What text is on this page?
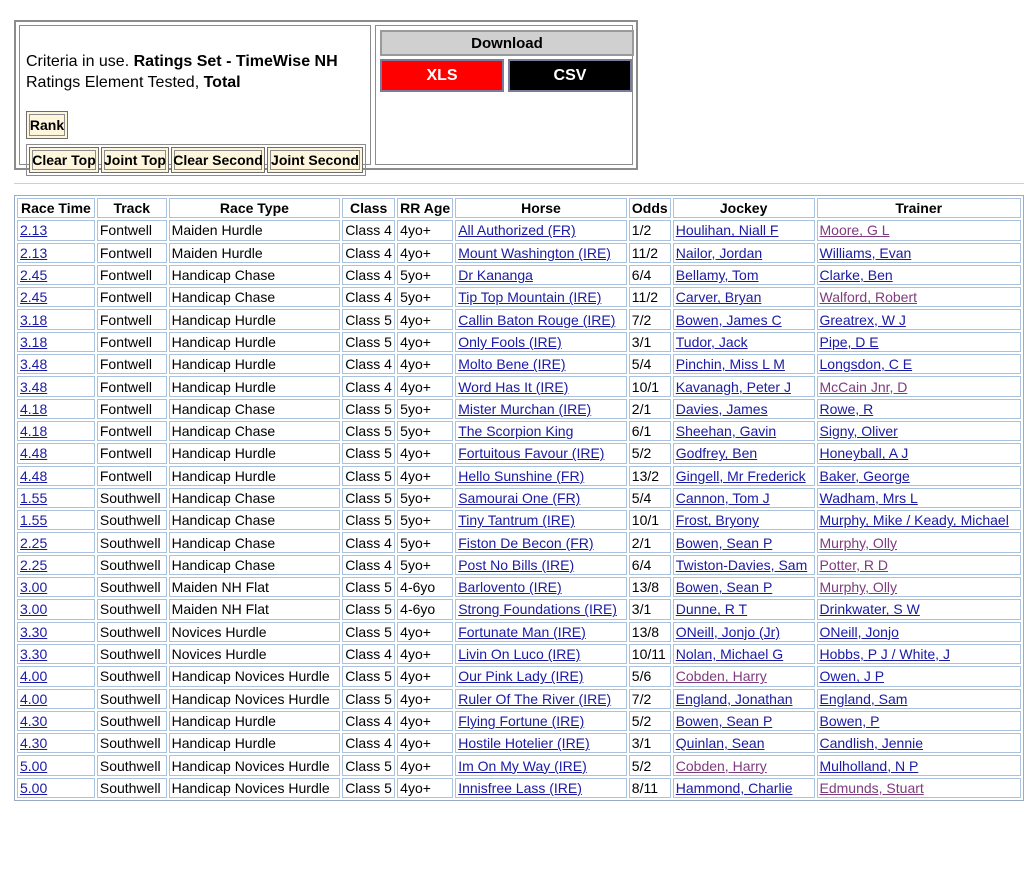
Criteria in use. Ratings Set - TimeWise NH
Ratings Element Tested, Total
Rank
Clear Top Joint Top Clear Second Joint Second
Download
XLS	CSV
Race Time	Track	Race Type	Class	RR Age	Horse	Odds	Jockey	Trainer
2.13	Fontwell	Maiden Hurdle	Class 4	4yo+	All Authorized (FR)	1/2	Houlihan, Niall F	Moore, G L
2.13	Fontwell	Maiden Hurdle	Class 4	4yo+	Mount Washington (IRE)	11/2	Nailor, Jordan	Williams, Evan
2.45	Fontwell	Handicap Chase	Class 4	5yo+	Dr Kananga	6/4	Bellamy, Tom	Clarke, Ben
2.45	Fontwell	Handicap Chase	Class 4	5yo+	Tip Top Mountain (IRE)	11/2	Carver, Bryan	Walford, Robert
3.18	Fontwell	Handicap Hurdle	Class 5	4yo+	Callin Baton Rouge (IRE)	7/2	Bowen, James C	Greatrex, W J
3.18	Fontwell	Handicap Hurdle	Class 5	4yo+	Only Fools (IRE)	3/1	Tudor, Jack	Pipe, D E
3.48	Fontwell	Handicap Hurdle	Class 4	4yo+	Molto Bene (IRE)	5/4	Pinchin, Miss L M	Longsdon, C E
3.48	Fontwell	Handicap Hurdle	Class 4	4yo+	Word Has It (IRE)	10/1	Kavanagh, Peter J	McCain Jnr, D
4.18	Fontwell	Handicap Chase	Class 5	5yo+	Mister Murchan (IRE)	2/1	Davies, James	Rowe, R
4.18	Fontwell	Handicap Chase	Class 5	5yo+	The Scorpion King	6/1	Sheehan, Gavin	Signy, Oliver
4.48	Fontwell	Handicap Hurdle	Class 5	4yo+	Fortuitous Favour (IRE)	5/2	Godfrey, Ben	Honeyball, A J
4.48	Fontwell	Handicap Hurdle	Class 5	4yo+	Hello Sunshine (FR)	13/2	Gingell, Mr Frederick	Baker, George
1.55	Southwell	Handicap Chase	Class 5	5yo+	Samourai One (FR)	5/4	Cannon, Tom J	Wadham, Mrs L
1.55	Southwell	Handicap Chase	Class 5	5yo+	Tiny Tantrum (IRE)	10/1	Frost, Bryony	Murphy, Mike / Keady, Michael
2.25	Southwell	Handicap Chase	Class 4	5yo+	Fiston De Becon (FR)	2/1	Bowen, Sean P	Murphy, Olly
2.25	Southwell	Handicap Chase	Class 4	5yo+	Post No Bills (IRE)	6/4	Twiston-Davies, Sam	Potter, R D
3.00	Southwell	Maiden NH Flat	Class 5	4-6yo	Barlovento (IRE)	13/8	Bowen, Sean P	Murphy, Olly
3.00	Southwell	Maiden NH Flat	Class 5	4-6yo	Strong Foundations (IRE)	3/1	Dunne, R T	Drinkwater, S W
3.30	Southwell	Novices Hurdle	Class 5	4yo+	Fortunate Man (IRE)	13/8	ONeill, Jonjo (Jr)	ONeill, Jonjo
3.30	Southwell	Novices Hurdle	Class 4	4yo+	Livin On Luco (IRE)	10/11	Nolan, Michael G	Hobbs, P J / White, J
4.00	Southwell	Handicap Novices Hurdle	Class 5	4yo+	Our Pink Lady (IRE)	5/6	Cobden, Harry	Owen, J P
4.00	Southwell	Handicap Novices Hurdle	Class 5	4yo+	Ruler Of The River (IRE)	7/2	England, Jonathan	England, Sam
4.30	Southwell	Handicap Hurdle	Class 4	4yo+	Flying Fortune (IRE)	5/2	Bowen, Sean P	Bowen, P
4.30	Southwell	Handicap Hurdle	Class 4	4yo+	Hostile Hotelier (IRE)	3/1	Quinlan, Sean	Candlish, Jennie
5.00	Southwell	Handicap Novices Hurdle	Class 5	4yo+	Im On My Way (IRE)	5/2	Cobden, Harry	Mulholland, N P
5.00	Southwell	Handicap Novices Hurdle	Class 5	4yo+	Innisfree Lass (IRE)	8/11	Hammond, Charlie	Edmunds, Stuart
